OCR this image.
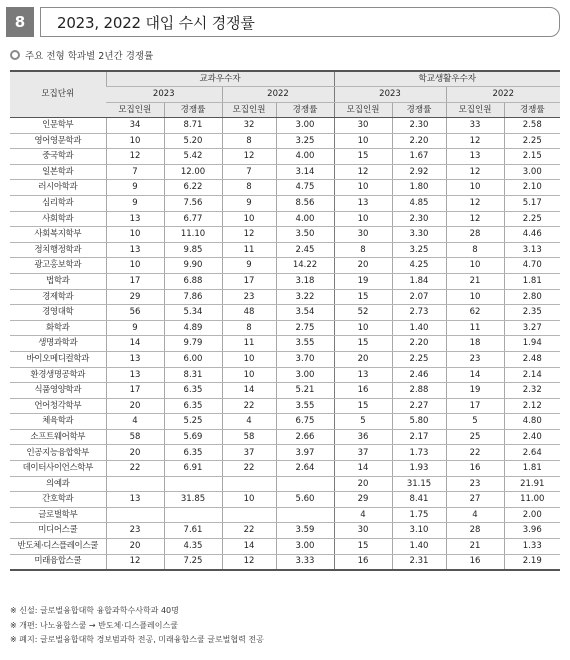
8	2023, 2022 대입 수시 경쟁률
주요 전형 학과별 2년간 경쟁률
모집단위	교과우수자				학교생활우수자			
	2023		2022		2023		2022	
	모집인원	경쟁률	모집인원	경쟁률	모집인원	경쟁률	모집인원	경쟁률
인문학부	34	8.71	32	3.00	30	2.30	33	2.58
영어영문학과	10	5.20	8	3.25	10	2.20	12	2.25
중국학과	12	5.42	12	4.00	15	1.67	13	2.15
일본학과	7	12.00	7	3.14	12	2.92	12	3.00
러시아학과	9	6.22	8	4.75	10	1.80	10	2.10
심리학과	9	7.56	9	8.56	13	4.85	12	5.17
사회학과	13	6.77	10	4.00	10	2.30	12	2.25
사회복지학부	10	11.10	12	3.50	30	3.30	28	4.46
정치행정학과	13	9.85	11	2.45	8	3.25	8	3.13
광고홍보학과	10	9.90	9	14.22	20	4.25	10	4.70
법학과	17	6.88	17	3.18	19	1.84	21	1.81
경제학과	29	7.86	23	3.22	15	2.07	10	2.80
경영대학	56	5.34	48	3.54	52	2.73	62	2.35
화학과	9	4.89	8	2.75	10	1.40	11	3.27
생명과학과	14	9.79	11	3.55	15	2.20	18	1.94
바이오메디컬학과	13	6.00	10	3.70	20	2.25	23	2.48
환경생명공학과	13	8.31	10	3.00	13	2.46	14	2.14
식품영양학과	17	6.35	14	5.21	16	2.88	19	2.32
언어청각학부	20	6.35	22	3.55	15	2.27	17	2.12
체육학과	4	5.25	4	6.75	5	5.80	5	4.80
소프트웨어학부	58	5.69	58	2.66	36	2.17	25	2.40
인공지능융합학부	20	6.35	37	3.97	37	1.73	22	2.64
데이터사이언스학부	22	6.91	22	2.64	14	1.93	16	1.81
의예과					20	31.15	23	21.91
간호학과	13	31.85	10	5.60	29	8.41	27	11.00
글로벌학부					4	1.75	4	2.00
미디어스쿨	23	7.61	22	3.59	30	3.10	28	3.96
반도체·디스플레이스쿨	20	4.35	14	3.00	15	1.40	21	1.33
미래융합스쿨	12	7.25	12	3.33	16	2.31	16	2.19
※ 신설: 글로벌융합대학 융합과학수사학과 40명
※ 개편: 나노융합스쿨 → 반도체·디스플레이스쿨
※ 폐지: 글로벌융합대학 경보범과학 전공, 미래융합스쿨 글로벌협력 전공
